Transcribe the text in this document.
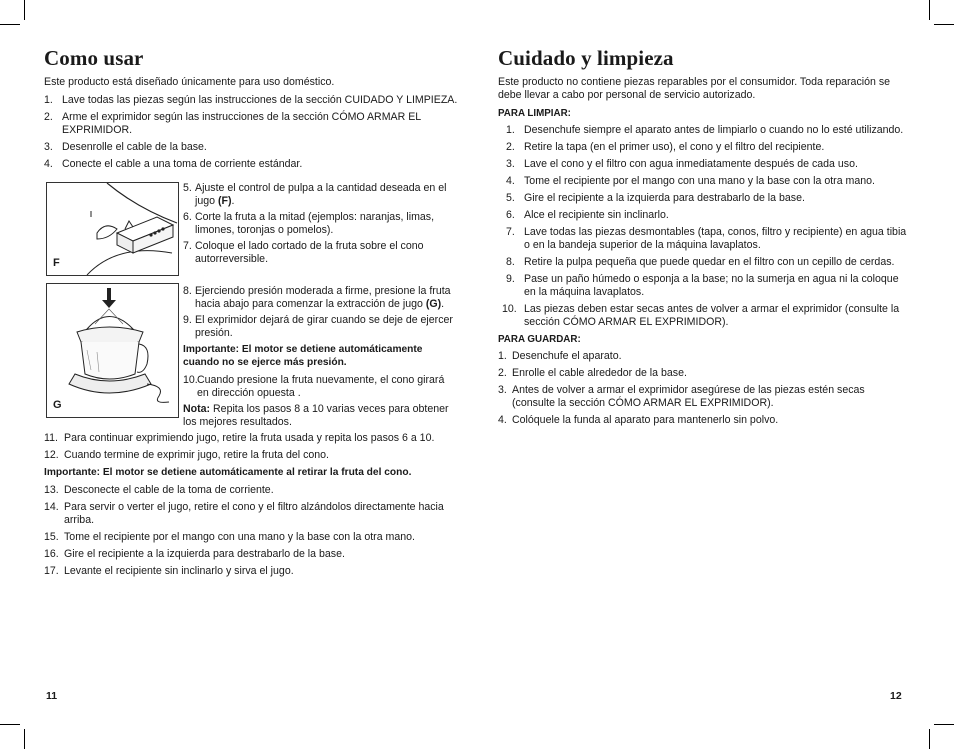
Como usar
Este producto está diseñado únicamente para uso doméstico.
1. Lave todas las piezas según las instrucciones de la sección CUIDADO Y LIMPIEZA.
2. Arme el exprimidor según las instrucciones de la sección CÓMO ARMAR EL EXPRIMIDOR.
3. Desenrolle el cable de la base.
4. Conecte el cable a una toma de corriente estándar.
F
5. Ajuste el control de pulpa a la cantidad deseada en el jugo (F).
6. Corte la fruta a la mitad (ejemplos: naranjas, limas, limones, toronjas o pomelos).
7. Coloque el lado cortado de la fruta sobre el cono autorreversible.
G
8. Ejerciendo presión moderada a firme, presione la fruta hacia abajo para comenzar la extracción de jugo (G).
9. El exprimidor dejará de girar cuando se deje de ejercer presión.
Importante: El motor se detiene automáticamente cuando no se ejerce más presión.
10. Cuando presione la fruta nuevamente, el cono girará en dirección opuesta .
Nota: Repita los pasos 8 a 10 varias veces para obtener los mejores resultados.
11. Para continuar exprimiendo jugo, retire la fruta usada y repita los pasos 6 a 10.
12. Cuando termine de exprimir jugo, retire la fruta del cono.
Importante: El motor se detiene automáticamente al retirar la fruta del cono.
13. Desconecte el cable de la toma de corriente.
14. Para servir o verter el jugo, retire el cono y el filtro alzándolos directamente hacia arriba.
15. Tome el recipiente por el mango con una mano y la base con la otra mano.
16. Gire el recipiente a la izquierda para destrabarlo de la base.
17. Levante el recipiente sin inclinarlo y sirva el jugo.
11
Cuidado y limpieza
Este producto no contiene piezas reparables por el consumidor. Toda reparación se debe llevar a cabo por personal de servicio autorizado.
PARA LIMPIAR:
1. Desenchufe siempre el aparato antes de limpiarlo o cuando no lo esté utilizando.
2. Retire la tapa (en el primer uso), el cono y el filtro del recipiente.
3. Lave el cono y el filtro con agua inmediatamente después de cada uso.
4. Tome el recipiente por el mango con una mano y la base con la otra mano.
5. Gire el recipiente a la izquierda para destrabarlo de la base.
6. Alce el recipiente sin inclinarlo.
7. Lave todas las piezas desmontables (tapa, conos, filtro y recipiente) en agua tibia o en la bandeja superior de la máquina lavaplatos.
8. Retire la pulpa pequeña que puede quedar en el filtro con un cepillo de cerdas.
9. Pase un paño húmedo o esponja a la base; no la sumerja en agua ni la coloque en la máquina lavaplatos.
10. Las piezas deben estar secas antes de volver a armar el exprimidor (consulte la sección CÓMO ARMAR EL EXPRIMIDOR).
PARA GUARDAR:
1. Desenchufe el aparato.
2. Enrolle el cable alrededor de la base.
3. Antes de volver a armar el exprimidor asegúrese de las piezas estén secas (consulte la sección CÓMO ARMAR EL EXPRIMIDOR).
4. Colóquele la funda al aparato para mantenerlo sin polvo.
12
